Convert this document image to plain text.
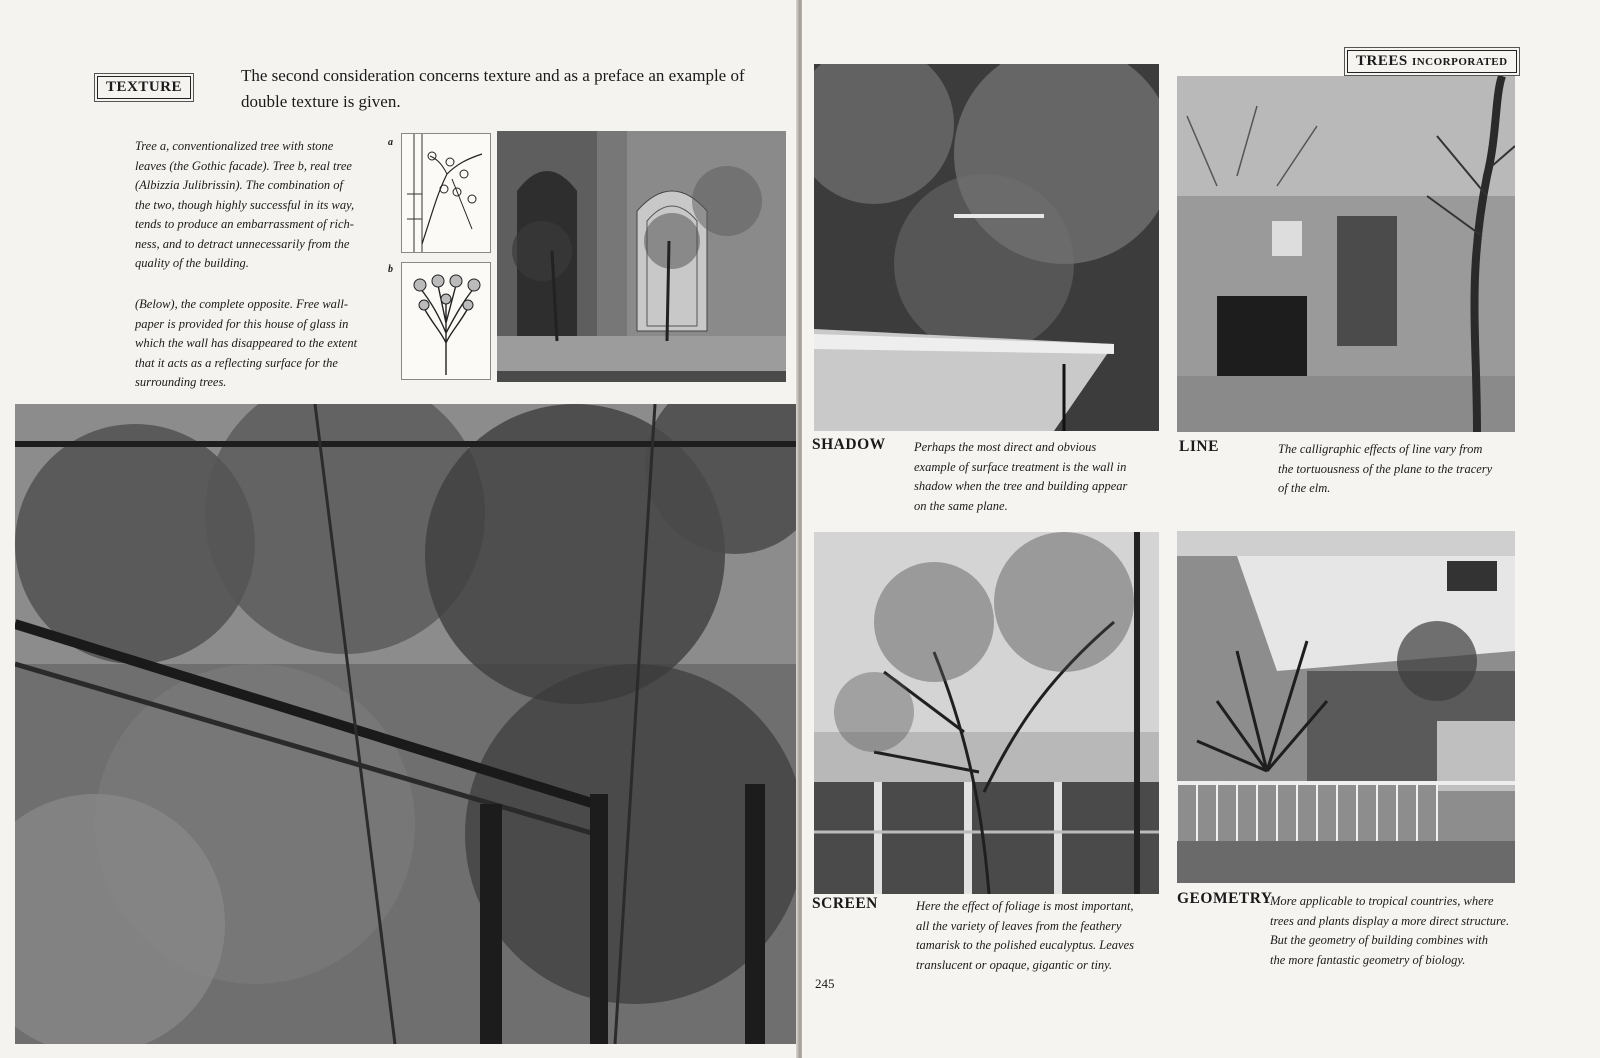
TEXTURE
The second consideration concerns texture and as a preface an example of
double texture is given.
Tree a, conventionalized tree with stone
leaves (the Gothic facade). Tree b, real tree
(Albizzia Julibrissin). The combination of
the two, though highly successful in its way,
tends to produce an embarrassment of rich-
ness, and to detract unnecessarily from the
quality of the building.
(Below), the complete opposite. Free wall-
paper is provided for this house of glass in
which the wall has disappeared to the extent
that it acts as a reflecting surface for the
surrounding trees.
a
b
TREES INCORPORATED
SHADOW Perhaps the most direct and obvious
example of surface treatment is the wall in
shadow when the tree and building appear
on the same plane.
LINE	The calligraphic effects of line vary from
the tortuousness of the plane to the tracery
of the elm.
SCREEN	Here the effect of foliage is most important,
all the variety of leaves from the feathery
tamarisk to the polished eucalyptus. Leaves
translucent or opaque, gigantic or tiny.
GEOMETRY
More applicable to tropical countries, where
trees and plants display a more direct structure.
But the geometry of building combines with
the more fantastic geometry of biology.
245
